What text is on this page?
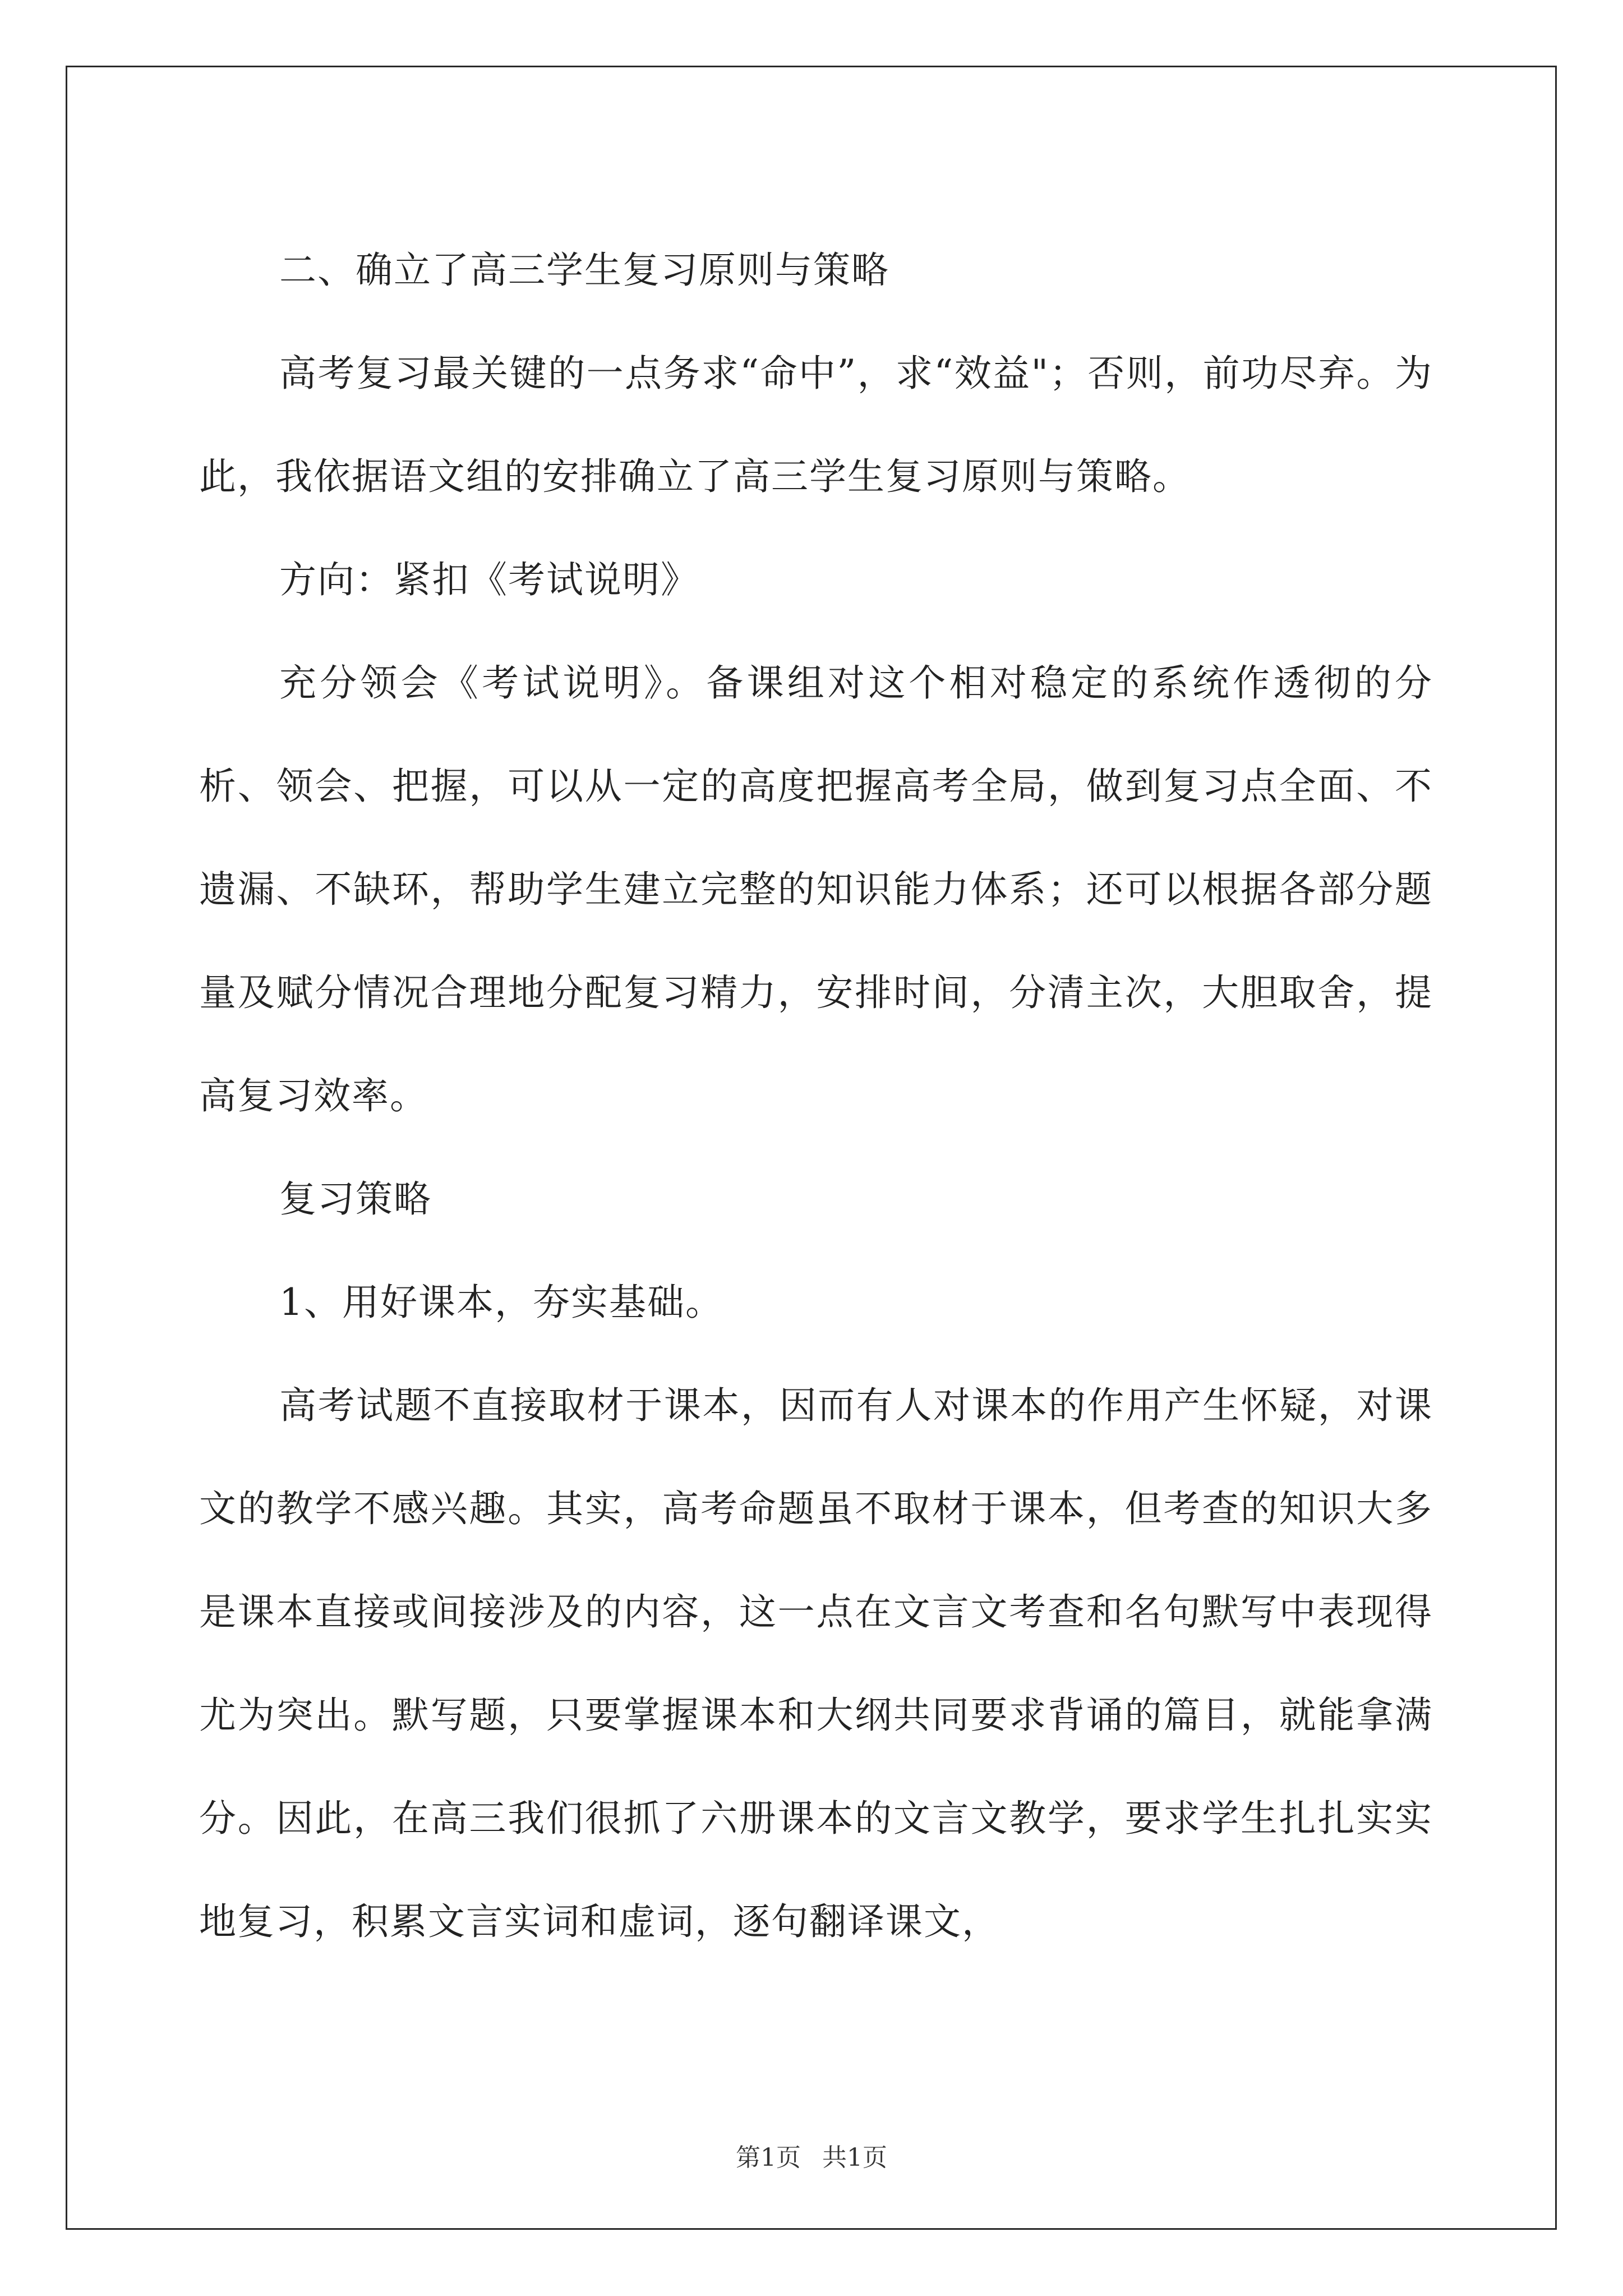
二、确立了高三学生复习原则与策略

高考复习最关键的一点务求“命中”，求“效益"；否则，前功尽弃。为此，我依据语文组的安排确立了高三学生复习原则与策略。

方向：紧扣《考试说明》

充分领会《考试说明》。备课组对这个相对稳定的系统作透彻的分析、领会、把握，可以从一定的高度把握高考全局，做到复习点全面、不遗漏、不缺环，帮助学生建立完整的知识能力体系；还可以根据各部分题量及赋分情况合理地分配复习精力，安排时间，分清主次，大胆取舍，提高复习效率。

复习策略

1、用好课本，夯实基础。

高考试题不直接取材于课本，因而有人对课本的作用产生怀疑，对课文的教学不感兴趣。其实，高考命题虽不取材于课本，但考查的知识大多是课本直接或间接涉及的内容，这一点在文言文考查和名句默写中表现得尤为突出。默写题，只要掌握课本和大纲共同要求背诵的篇目，就能拿满分。因此，在高三我们很抓了六册课本的文言文教学，要求学生扎扎实实地复习，积累文言实词和虚词，逐句翻译课文，

第1页 共1页
